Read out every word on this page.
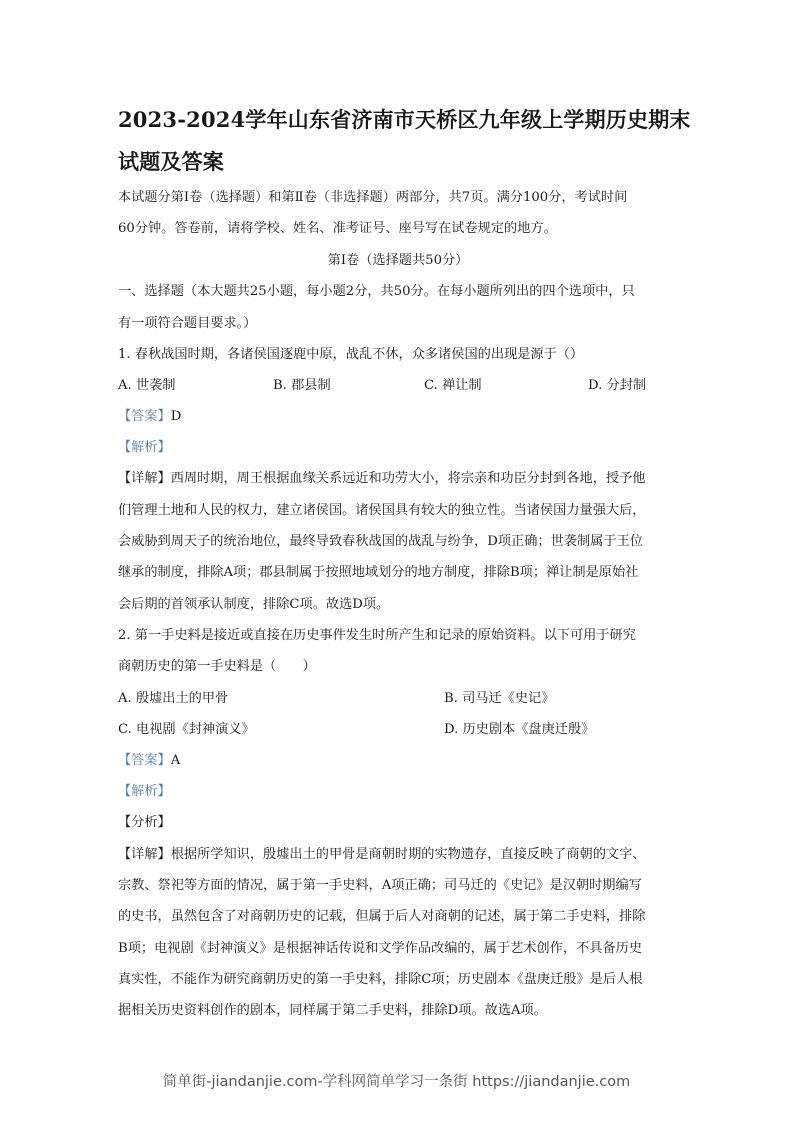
2023-2024学年山东省济南市天桥区九年级上学期历史期末
试题及答案
本试题分第Ⅰ卷（选择题）和第Ⅱ卷（非选择题）两部分，共7页。满分100分，考试时间
60分钟。答卷前，请将学校、姓名、准考证号、座号写在试卷规定的地方。
第Ⅰ卷（选择题共50分）
一、选择题（本大题共25小题，每小题2分，共50分。在每小题所列出的四个选项中，只
有一项符合题目要求。）
1. 春秋战国时期，各诸侯国逐鹿中原，战乱不休，众多诸侯国的出现是源于（）
A. 世袭制	B. 郡县制	C. 禅让制	D. 分封制
【答案】D
【解析】
【详解】西周时期，周王根据血缘关系远近和功劳大小，将宗亲和功臣分封到各地，授予他
们管理土地和人民的权力，建立诸侯国。诸侯国具有较大的独立性。当诸侯国力量强大后，
会威胁到周天子的统治地位，最终导致春秋战国的战乱与纷争，D项正确；世袭制属于王位
继承的制度，排除A项；郡县制属于按照地域划分的地方制度，排除B项；禅让制是原始社
会后期的首领承认制度，排除C项。故选D项。
2. 第一手史料是接近或直接在历史事件发生时所产生和记录的原始资料。以下可用于研究
商朝历史的第一手史料是（　　）
A. 殷墟出土的甲骨	B. 司马迁《史记》
C. 电视剧《封神演义》	D. 历史剧本《盘庚迁殷》
【答案】A
【解析】
【分析】
【详解】根据所学知识，殷墟出土的甲骨是商朝时期的实物遗存，直接反映了商朝的文字、
宗教、祭祀等方面的情况，属于第一手史料，A项正确；司马迁的《史记》是汉朝时期编写
的史书，虽然包含了对商朝历史的记载，但属于后人对商朝的记述，属于第二手史料，排除
B项；电视剧《封神演义》是根据神话传说和文学作品改编的，属于艺术创作，不具备历史
真实性，不能作为研究商朝历史的第一手史料，排除C项；历史剧本《盘庚迁殷》是后人根
据相关历史资料创作的剧本，同样属于第二手史料，排除D项。故选A项。
简单街-jiandanjie.com-学科网简单学习一条街 https://jiandanjie.com
